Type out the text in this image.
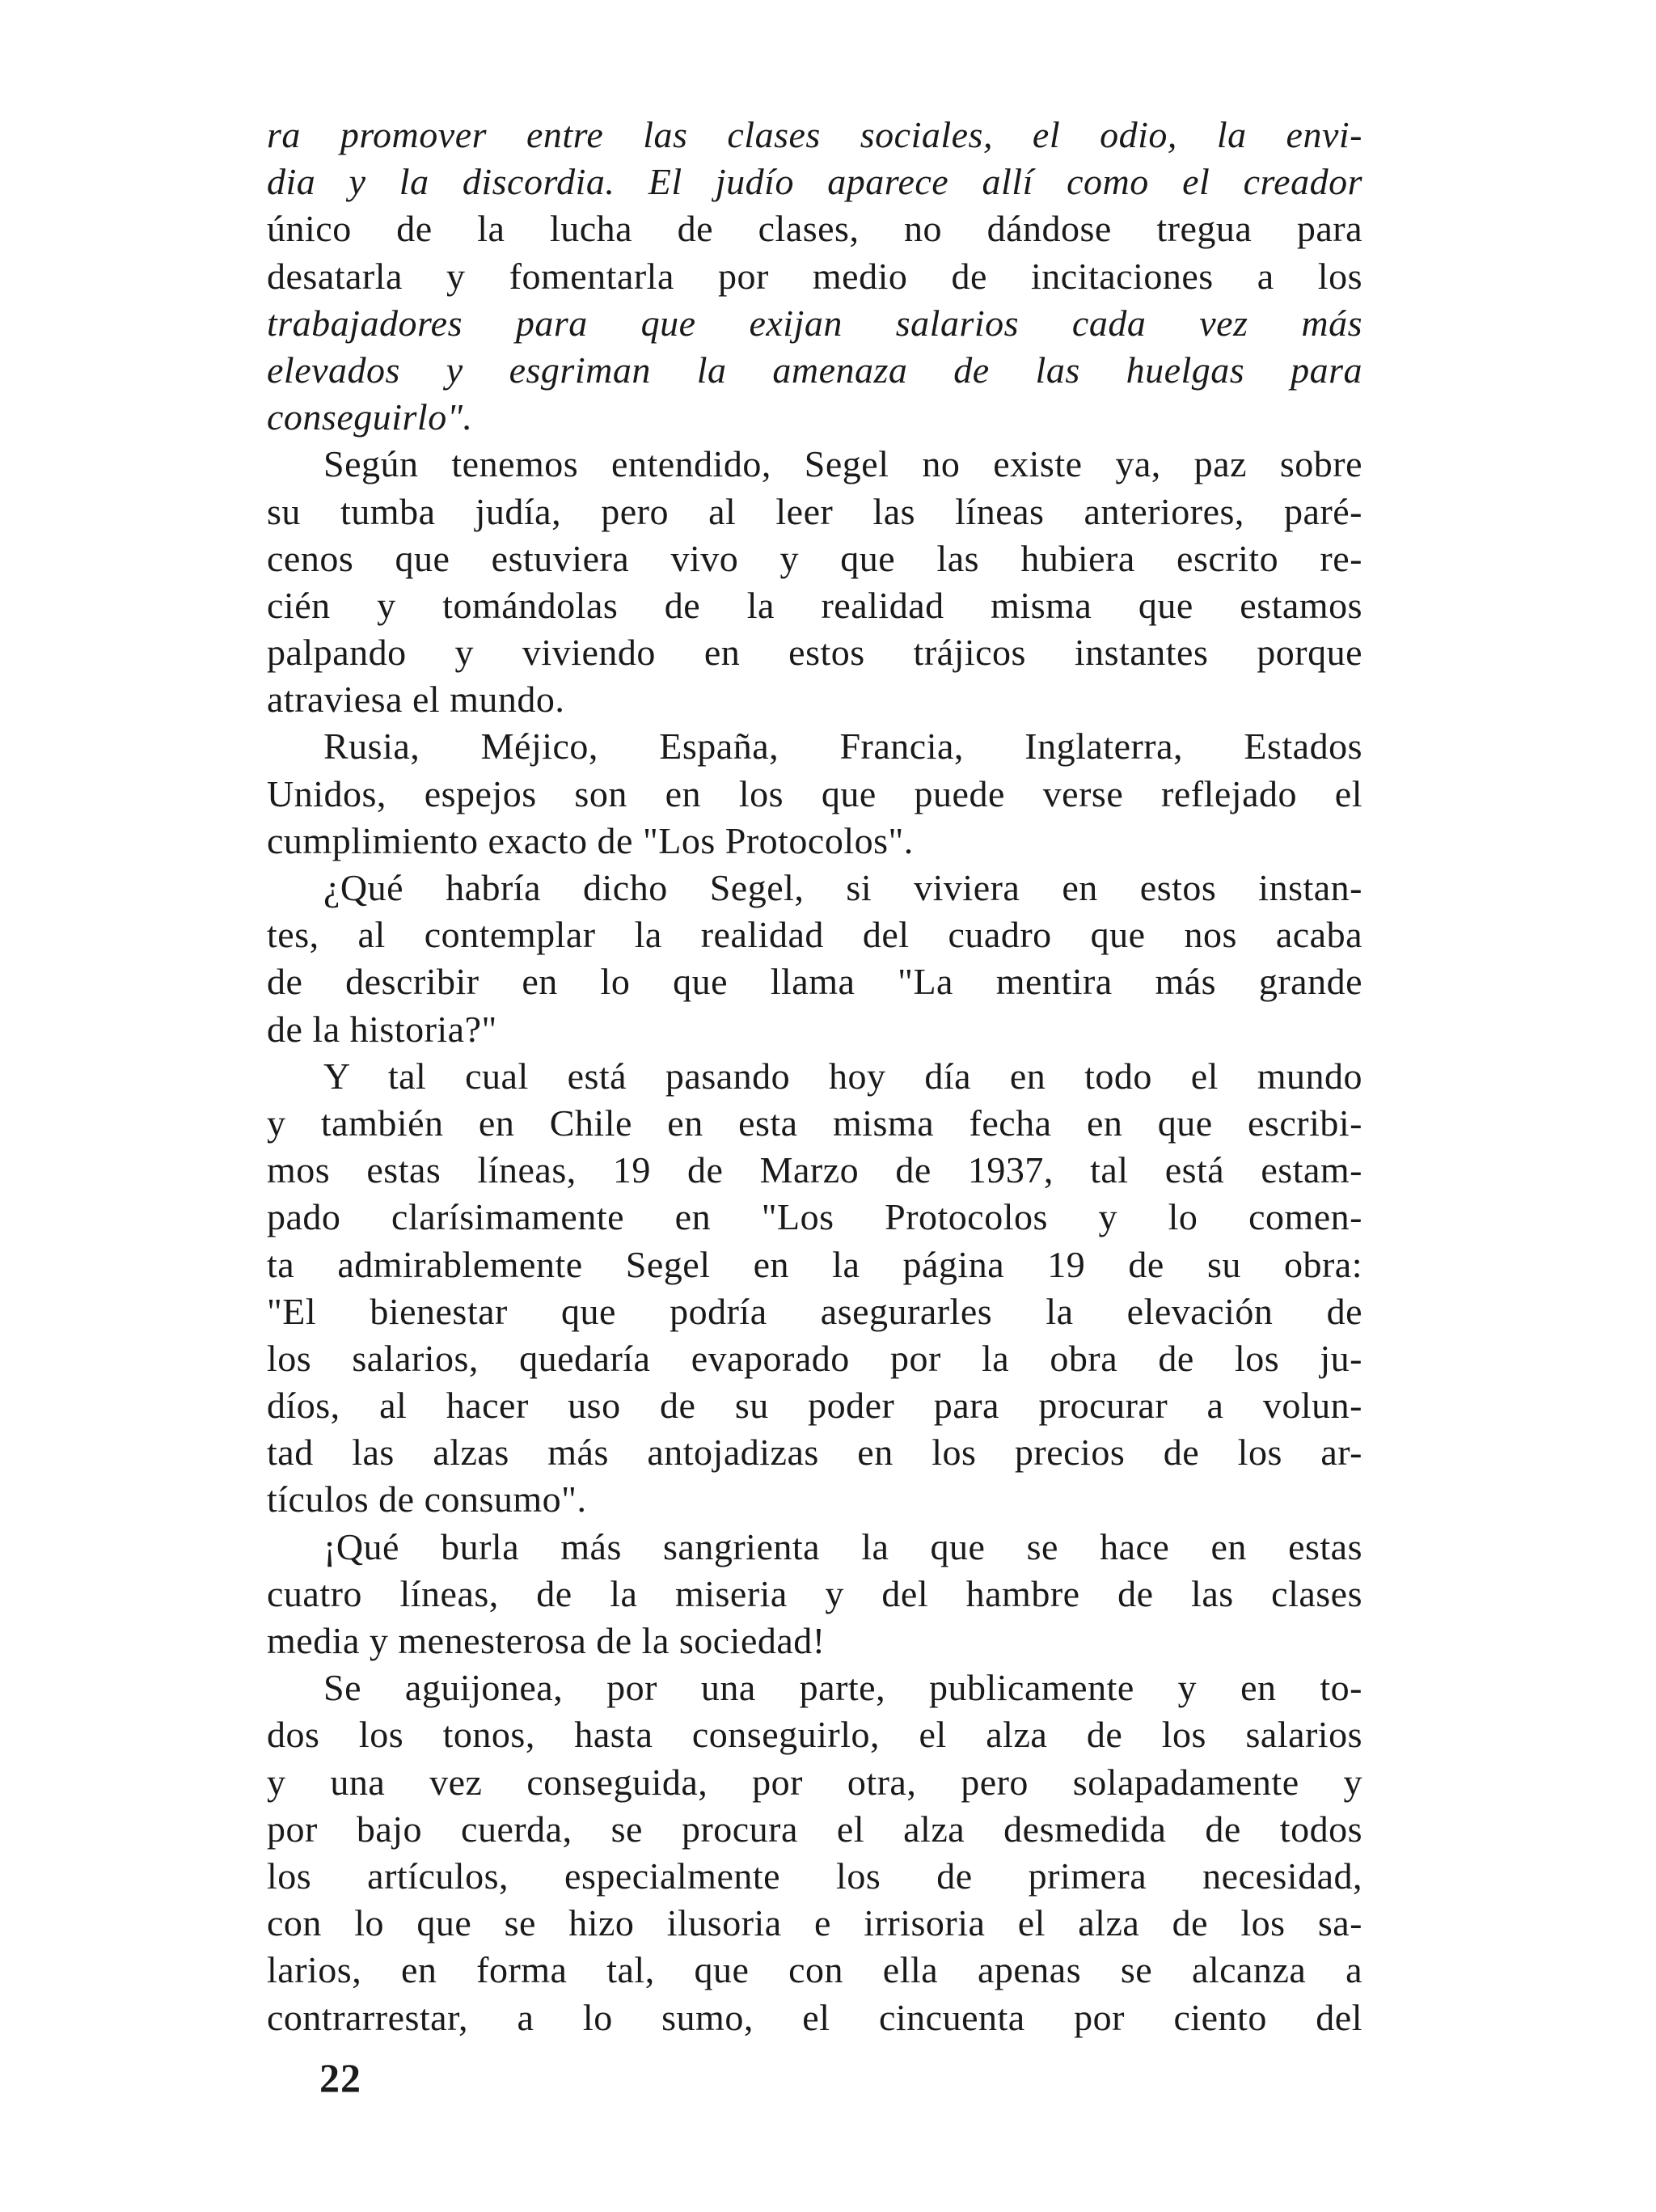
ra promover entre las clases sociales, el odio, la envi-
dia y la discordia. El judío aparece allí como el creador
único de la lucha de clases, no dándose tregua para
desatarla y fomentarla por medio de incitaciones a los
trabajadores para que exijan salarios cada vez más
elevados y esgriman la amenaza de las huelgas para
conseguirlo".
Según tenemos entendido, Segel no existe ya, paz sobre
su tumba judía, pero al leer las líneas anteriores, paré-
cenos que estuviera vivo y que las hubiera escrito re-
cién y tomándolas de la realidad misma que estamos
palpando y viviendo en estos trájicos instantes porque
atraviesa el mundo.
Rusia, Méjico, España, Francia, Inglaterra, Estados
Unidos, espejos son en los que puede verse reflejado el
cumplimiento exacto de "Los Protocolos".
¿Qué habría dicho Segel, si viviera en estos instan-
tes, al contemplar la realidad del cuadro que nos acaba
de describir en lo que llama "La mentira más grande
de la historia?"
Y tal cual está pasando hoy día en todo el mundo
y también en Chile en esta misma fecha en que escribi-
mos estas líneas, 19 de Marzo de 1937, tal está estam-
pado clarísimamente en "Los Protocolos y lo comen-
ta admirablemente Segel en la página 19 de su obra:
"El bienestar que podría asegurarles la elevación de
los salarios, quedaría evaporado por la obra de los ju-
díos, al hacer uso de su poder para procurar a volun-
tad las alzas más antojadizas en los precios de los ar-
tículos de consumo".
¡Qué burla más sangrienta la que se hace en estas
cuatro líneas, de la miseria y del hambre de las clases
media y menesterosa de la sociedad!
Se aguijonea, por una parte, publicamente y en to-
dos los tonos, hasta conseguirlo, el alza de los salarios
y una vez conseguida, por otra, pero solapadamente y
por bajo cuerda, se procura el alza desmedida de todos
los artículos, especialmente los de primera necesidad,
con lo que se hizo ilusoria e irrisoria el alza de los sa-
larios, en forma tal, que con ella apenas se alcanza a
contrarrestar, a lo sumo, el cincuenta por ciento del
22
